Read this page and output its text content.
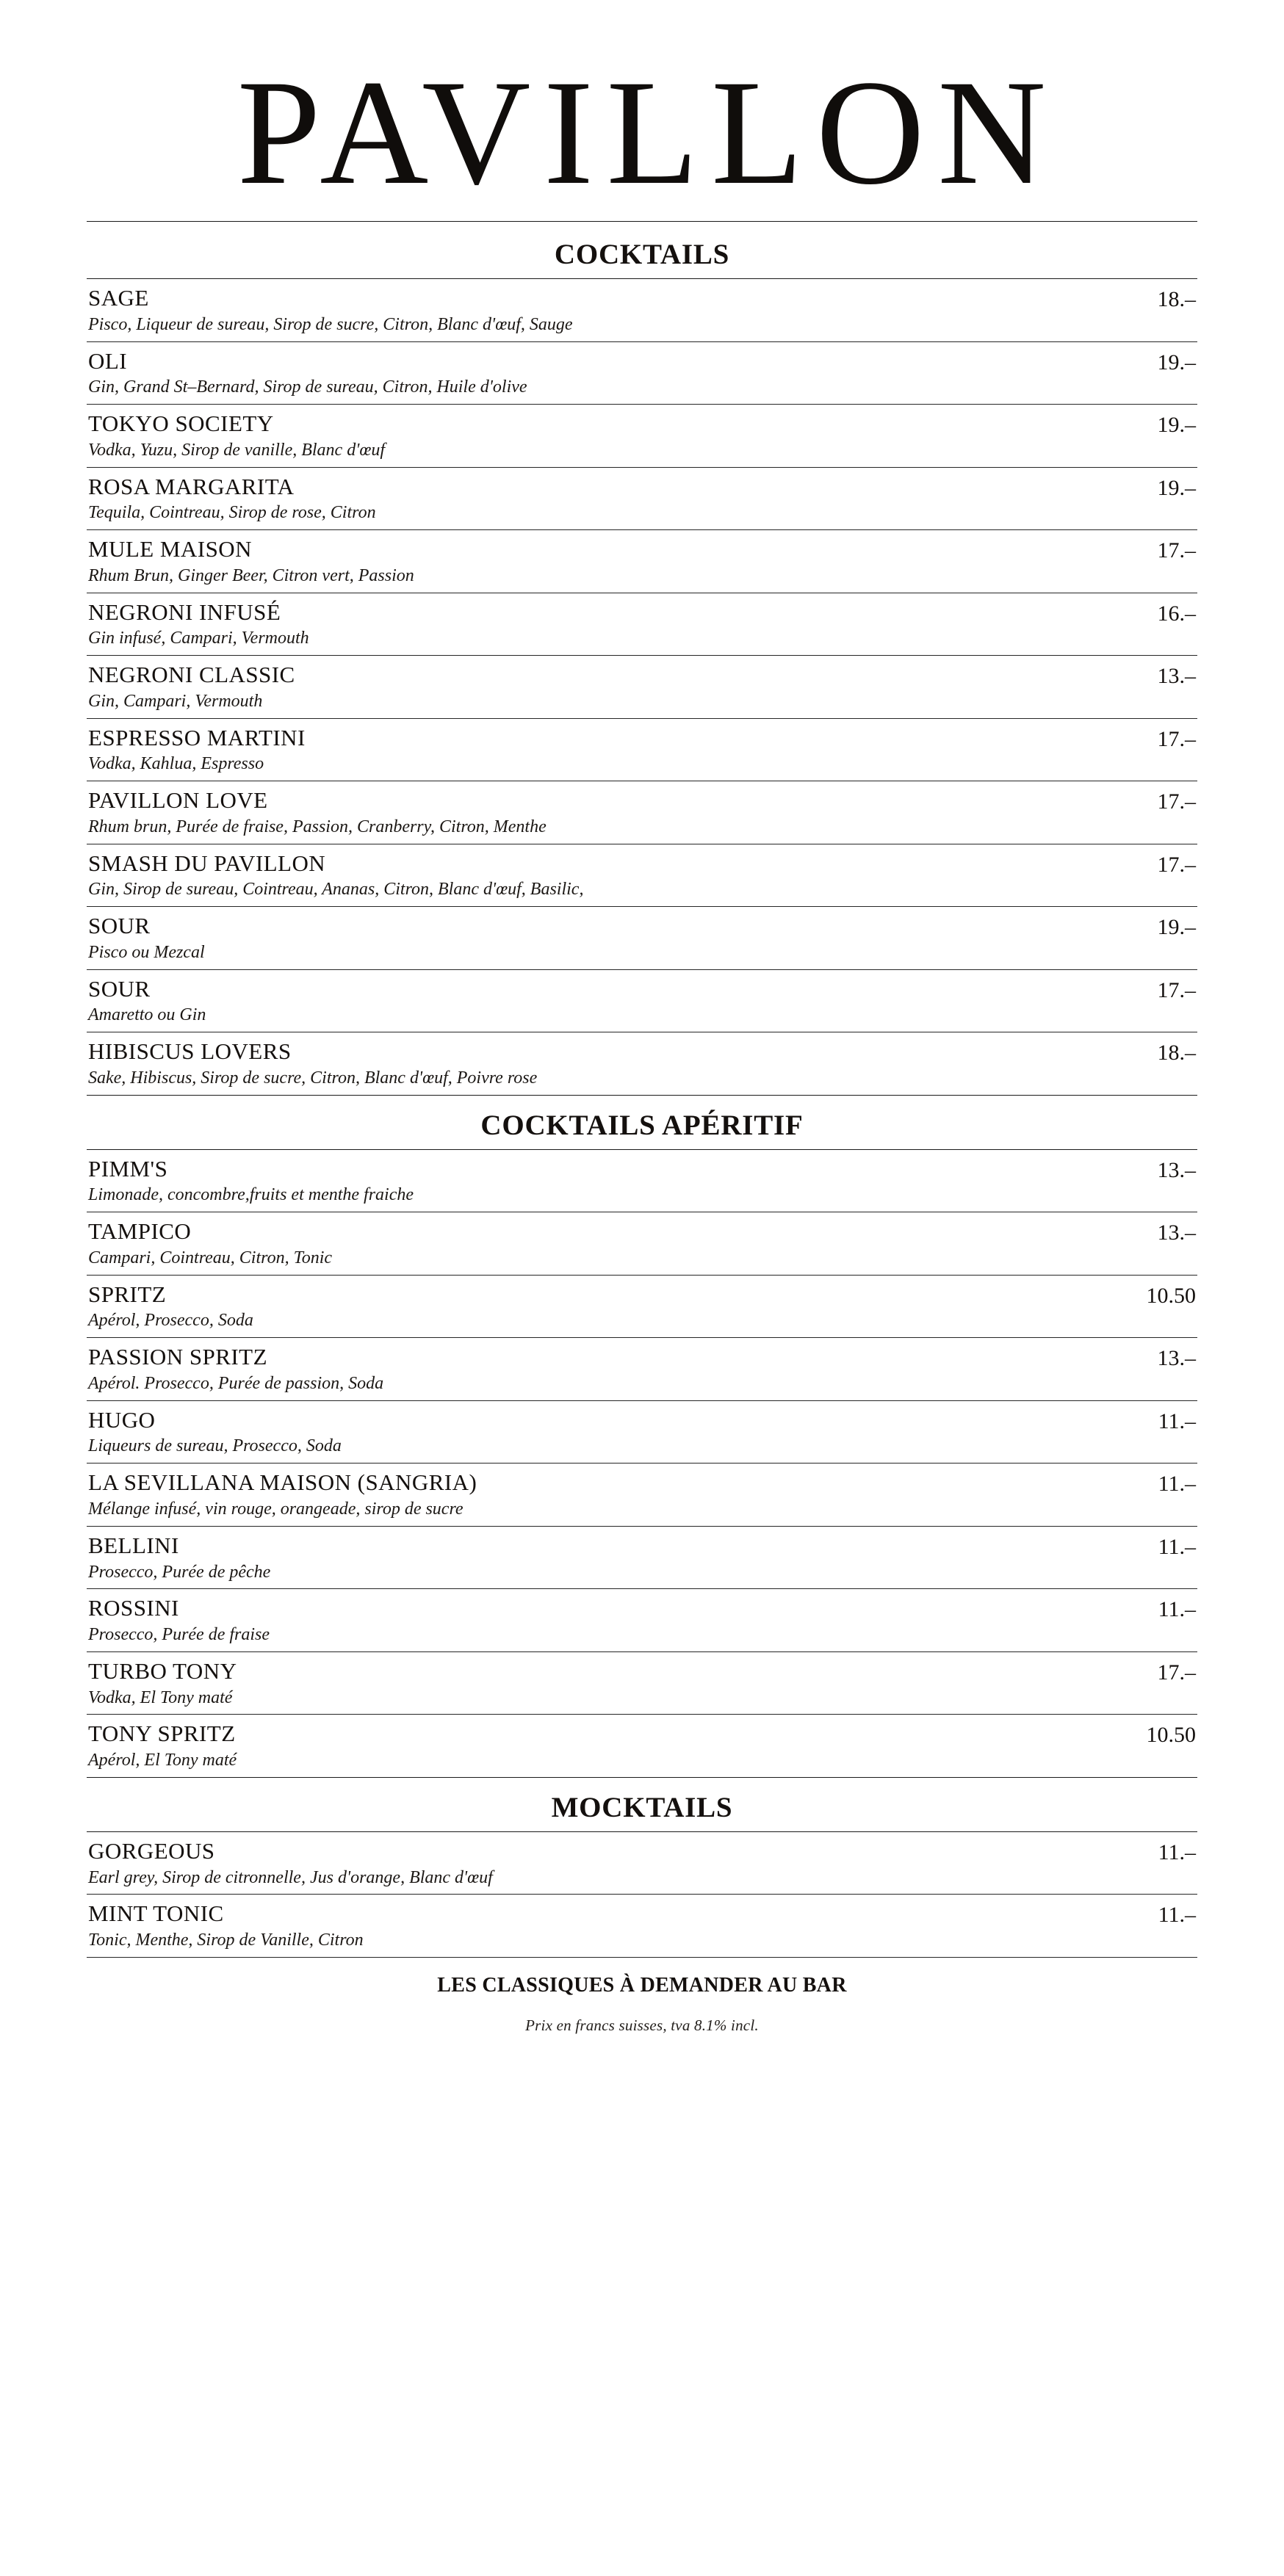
PAVILLON
COCKTAILS
SAGE
Pisco, Liqueur de sureau, Sirop de sucre, Citron, Blanc d'œuf, Sauge
18.–
OLI
Gin, Grand St–Bernard, Sirop de sureau, Citron, Huile d'olive
19.–
TOKYO SOCIETY
Vodka, Yuzu, Sirop de vanille, Blanc d'œuf
19.–
ROSA MARGARITA
Tequila, Cointreau, Sirop de rose, Citron
19.–
MULE MAISON
Rhum Brun, Ginger Beer, Citron vert, Passion
17.–
NEGRONI INFUSÉ
Gin infusé, Campari, Vermouth
16.–
NEGRONI CLASSIC
Gin, Campari, Vermouth
13.–
ESPRESSO MARTINI
Vodka, Kahlua, Espresso
17.–
PAVILLON LOVE
Rhum brun, Purée de fraise, Passion, Cranberry, Citron, Menthe
17.–
SMASH DU PAVILLON
Gin, Sirop de sureau, Cointreau, Ananas, Citron, Blanc d'œuf, Basilic,
17.–
SOUR
Pisco ou Mezcal
19.–
SOUR
Amaretto ou Gin
17.–
HIBISCUS LOVERS
Sake, Hibiscus, Sirop de sucre, Citron, Blanc d'œuf, Poivre rose
18.–
COCKTAILS APÉRITIF
PIMM'S
Limonade, concombre,fruits et menthe fraiche
13.–
TAMPICO
Campari, Cointreau, Citron, Tonic
13.–
SPRITZ
Apérol, Prosecco, Soda
10.50
PASSION SPRITZ
Apérol. Prosecco, Purée de passion, Soda
13.–
HUGO
Liqueurs de sureau, Prosecco, Soda
11.–
LA SEVILLANA MAISON (SANGRIA)
Mélange infusé, vin rouge, orangeade, sirop de sucre
11.–
BELLINI
Prosecco, Purée de pêche
11.–
ROSSINI
Prosecco, Purée de fraise
11.–
TURBO TONY
Vodka, El Tony maté
17.–
TONY SPRITZ
Apérol, El Tony maté
10.50
MOCKTAILS
GORGEOUS
Earl grey, Sirop de citronnelle, Jus d'orange, Blanc d'œuf
11.–
MINT TONIC
Tonic, Menthe, Sirop de Vanille, Citron
11.–
LES CLASSIQUES À DEMANDER AU BAR
Prix en francs suisses, tva 8.1% incl.
